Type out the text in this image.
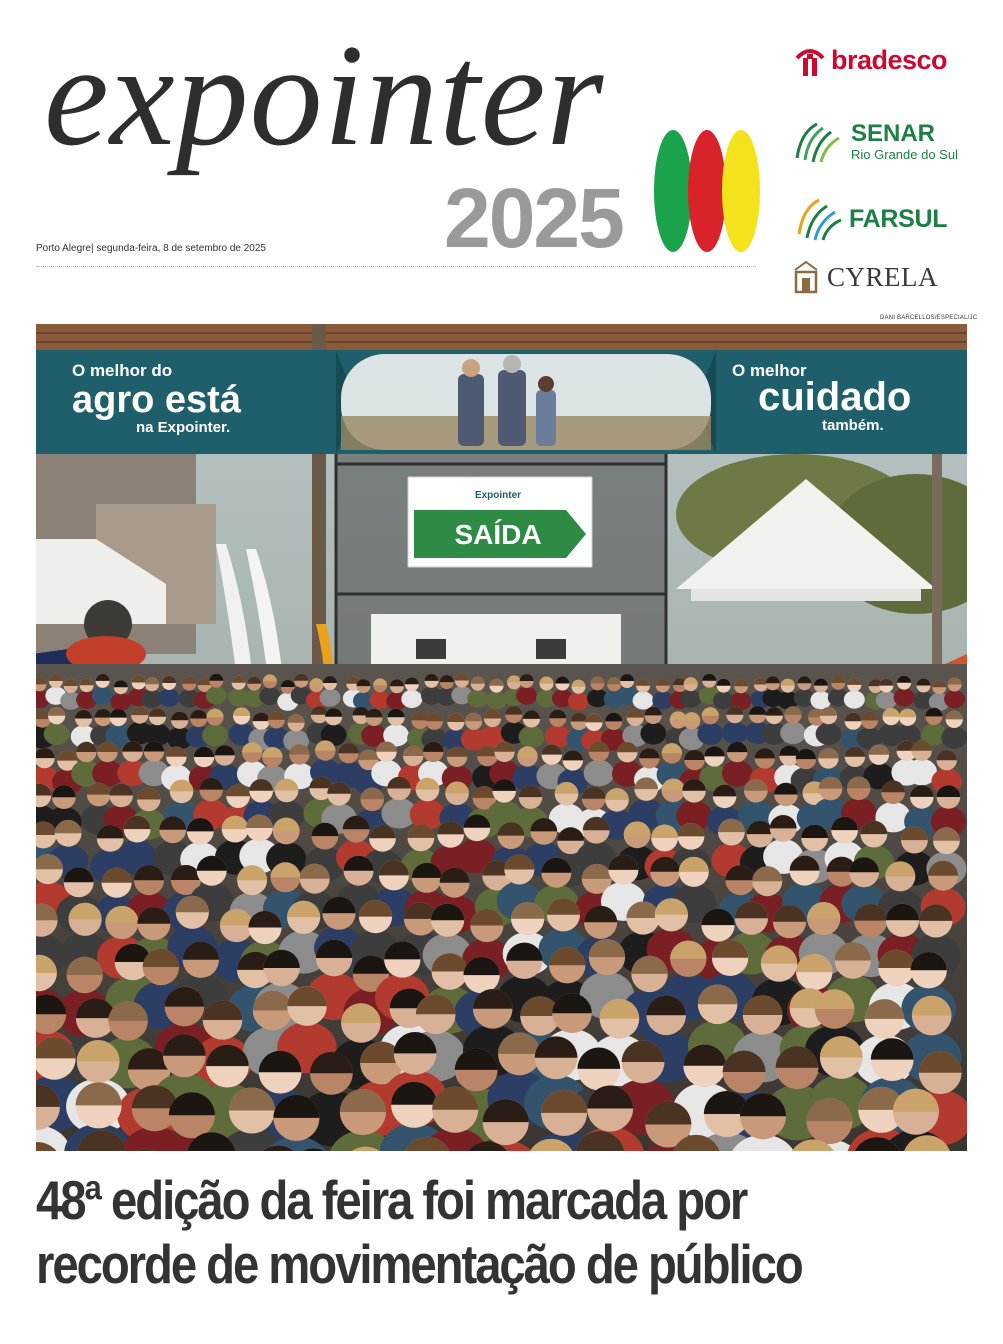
expointer
2025
Porto Alegre| segunda-feira, 8 de setembro de 2025
bradesco
SENAR
Rio Grande do Sul
FARSUL
CYRELA
DANI BARCELLOS/ESPECIAL/JC
O melhor do
agro está
na Expointer.
O melhor
cuidado
também.
Expointer
SAÍDA
48ª edição da feira foi marcada por
recorde de movimentação de público
